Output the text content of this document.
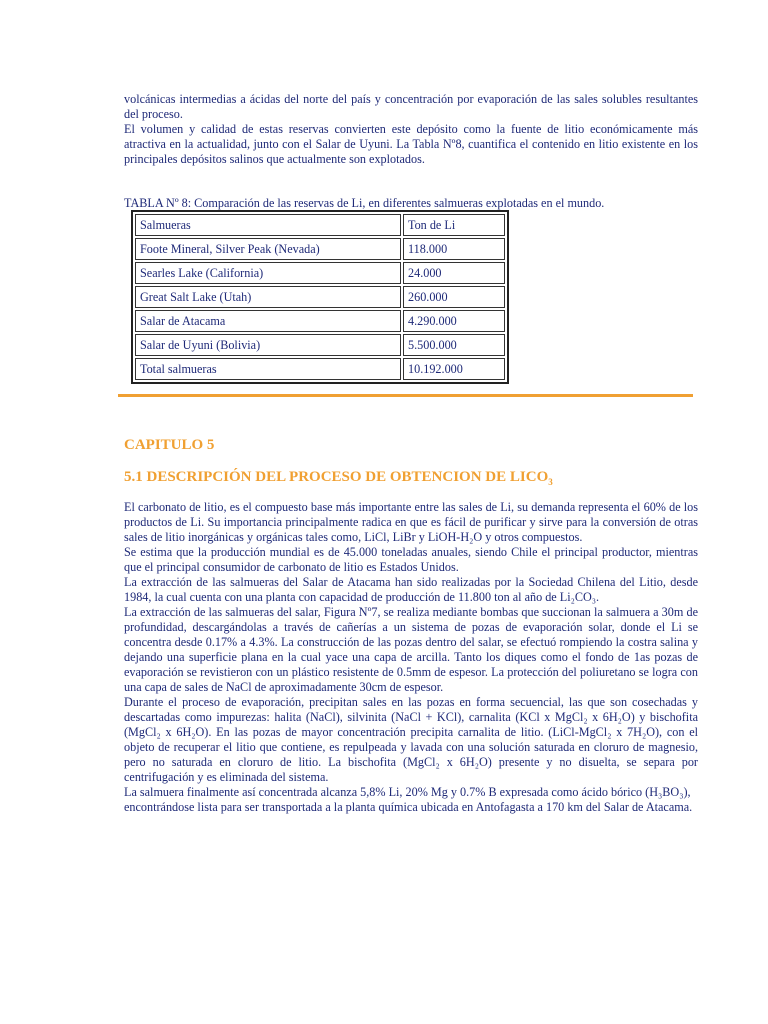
volcánicas intermedias a ácidas del norte del país y concentración por evaporación de las sales solubles resultantes del proceso.

El volumen y calidad de estas reservas convierten este depósito como la fuente de litio económicamente más atractiva en la actualidad, junto con el Salar de Uyuni. La Tabla Nº8, cuantifica el contenido en litio existente en los principales depósitos salinos que actualmente son explotados.

TABLA Nº 8: Comparación de las reservas de Li, en diferentes salmueras explotadas en el mundo.
Salmueras	Ton de Li
Foote Mineral, Silver Peak (Nevada)	118.000
Searles Lake (California)	24.000
Great Salt Lake (Utah)	260.000
Salar de Atacama	4.290.000
Salar de Uyuni (Bolivia)	5.500.000
Total salmueras	10.192.000
CAPITULO 5
5.1 DESCRIPCIÓN DEL PROCESO DE OBTENCION DE $LICO_3$

El carbonato de litio, es el compuesto base más importante entre las sales de Li, su demanda representa el 60% de los productos de Li. Su importancia principalmente radica en que es fácil de purificar y sirve para la conversión de otras sales de litio inorgánicas y orgánicas tales como, LiCl, LiBr y LiOH-H₂O y otros compuestos.

Se estima que la producción mundial es de 45.000 toneladas anuales, siendo Chile el principal productor, mientras que el principal consumidor de carbonato de litio es Estados Unidos.

La extracción de las salmueras del Salar de Atacama han sido realizadas por la Sociedad Chilena del Litio, desde 1984, la cual cuenta con una planta con capacidad de producción de 11.800 ton al año de Li₂CO₃.

La extracción de las salmueras del salar, Figura Nº7, se realiza mediante bombas que succionan la salmuera a 30m de profundidad, descargándolas a través de cañerías a un sistema de pozas de evaporación solar, donde el Li se concentra desde 0.17% a 4.3%. La construcción de las pozas dentro del salar, se efectuó rompiendo la costra salina y dejando una superficie plana en la cual yace una capa de arcilla. Tanto los diques como el fondo de 1as pozas de evaporación se revistieron con un plástico resistente de 0.5mm de espesor. La protección del poliuretano se logra con una capa de sales de NaCl de aproximadamente 30cm de espesor.

Durante el proceso de evaporación, precipitan sales en las pozas en forma secuencial, las que son cosechadas y descartadas como impurezas: halita (NaCl), silvinita (NaCl + KCl), carnalita (KCl x MgCl₂ x 6H₂O) y bischofita (MgCl₂ x 6H₂O). En las pozas de mayor concentración precipita carnalita de litio. (LiCl-MgCl₂ x 7H₂O), con el objeto de recuperar el litio que contiene, es repulpeada y lavada con una solución saturada en cloruro de magnesio, pero no saturada en cloruro de litio. La bischofita (MgCl₂ x 6H₂O) presente y no disuelta, se separa por centrifugación y es eliminada del sistema.

La salmuera finalmente así concentrada alcanza 5,8% Li, 20% Mg y 0.7% B expresada como ácido bórico (H₃BO₃), encontrándose lista para ser transportada a la planta química ubicada en Antofagasta a 170 km del Salar de Atacama.
